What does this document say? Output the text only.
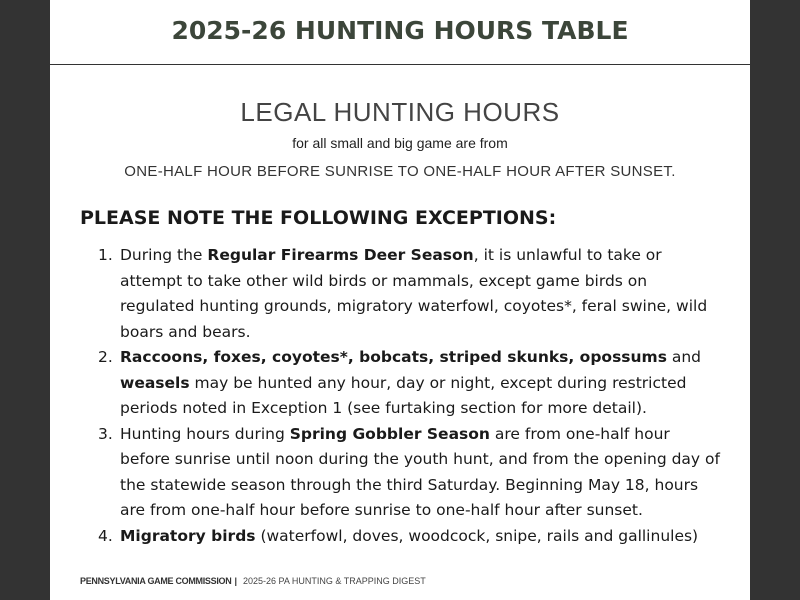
2025-26 HUNTING HOURS TABLE
LEGAL HUNTING HOURS
for all small and big game are from
ONE-HALF HOUR BEFORE SUNRISE TO ONE-HALF HOUR AFTER SUNSET.
PLEASE NOTE THE FOLLOWING EXCEPTIONS:
1. During the Regular Firearms Deer Season, it is unlawful to take or attempt to take other wild birds or mammals, except game birds on regulated hunting grounds, migratory waterfowl, coyotes*, feral swine, wild boars and bears.
2. Raccoons, foxes, coyotes*, bobcats, striped skunks, opossums and weasels may be hunted any hour, day or night, except during restricted periods noted in Exception 1 (see furtaking section for more detail).
3. Hunting hours during Spring Gobbler Season are from one-half hour before sunrise until noon during the youth hunt, and from the opening day of the statewide season through the third Saturday. Beginning May 18, hours are from one-half hour before sunrise to one-half hour after sunset.
4. Migratory birds (waterfowl, doves, woodcock, snipe, rails and gallinules)
PENNSYLVANIA GAME COMMISSION | 2025-26 PA HUNTING & TRAPPING DIGEST
